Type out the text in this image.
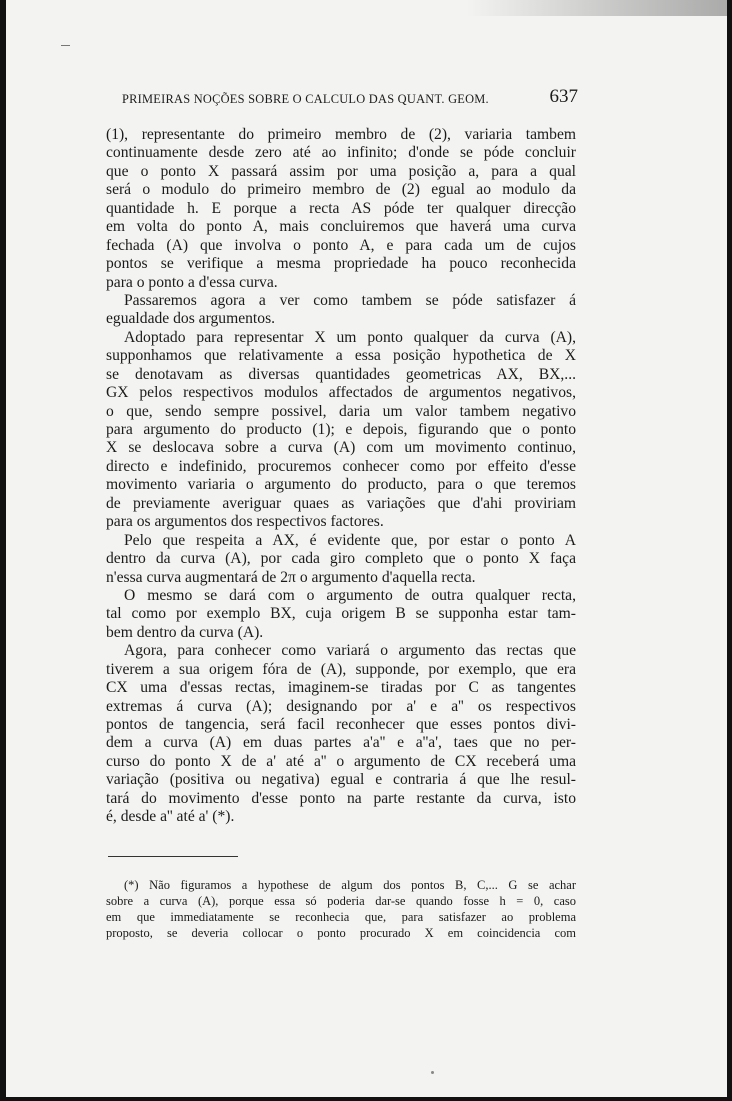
PRIMEIRAS NOÇÕES SOBRE O CALCULO DAS QUANT. GEOM.	637
(1), representante do primeiro membro de (2), variaria tambem
continuamente desde zero até ao infinito; d'onde se póde concluir
que o ponto X passará assim por uma posição a, para a qual
será o modulo do primeiro membro de (2) egual ao modulo da
quantidade h. E porque a recta AS póde ter qualquer direcção
em volta do ponto A, mais concluiremos que haverá uma curva
fechada (A) que involva o ponto A, e para cada um de cujos
pontos se verifique a mesma propriedade ha pouco reconhecida
para o ponto a d'essa curva.
Passaremos agora a ver como tambem se póde satisfazer á
egualdade dos argumentos.
Adoptado para representar X um ponto qualquer da curva (A),
supponhamos que relativamente a essa posição hypothetica de X
se denotavam as diversas quantidades geometricas AX, BX,...
GX pelos respectivos modulos affectados de argumentos negativos,
o que, sendo sempre possivel, daria um valor tambem negativo
para argumento do producto (1); e depois, figurando que o ponto
X se deslocava sobre a curva (A) com um movimento continuo,
directo e indefinido, procuremos conhecer como por effeito d'esse
movimento variaria o argumento do producto, para o que teremos
de previamente averiguar quaes as variações que d'ahi proviriam
para os argumentos dos respectivos factores.
Pelo que respeita a AX, é evidente que, por estar o ponto A
dentro da curva (A), por cada giro completo que o ponto X faça
n'essa curva augmentará de 2π o argumento d'aquella recta.
O mesmo se dará com o argumento de outra qualquer recta,
tal como por exemplo BX, cuja origem B se supponha estar tam-
bem dentro da curva (A).
Agora, para conhecer como variará o argumento das rectas que
tiverem a sua origem fóra de (A), supponde, por exemplo, que era
CX uma d'essas rectas, imaginem-se tiradas por C as tangentes
extremas á curva (A); designando por a' e a'' os respectivos
pontos de tangencia, será facil reconhecer que esses pontos divi-
dem a curva (A) em duas partes a'a'' e a''a', taes que no per-
curso do ponto X de a' até a'' o argumento de CX receberá uma
variação (positiva ou negativa) egual e contraria á que lhe resul-
tará do movimento d'esse ponto na parte restante da curva, isto
é, desde a'' até a' (*).
(*) Não figuramos a hypothese de algum dos pontos B, C,... G se achar
sobre a curva (A), porque essa só poderia dar-se quando fosse h = 0, caso
em que immediatamente se reconhecia que, para satisfazer ao problema
proposto, se deveria collocar o ponto procurado X em coincidencia com
